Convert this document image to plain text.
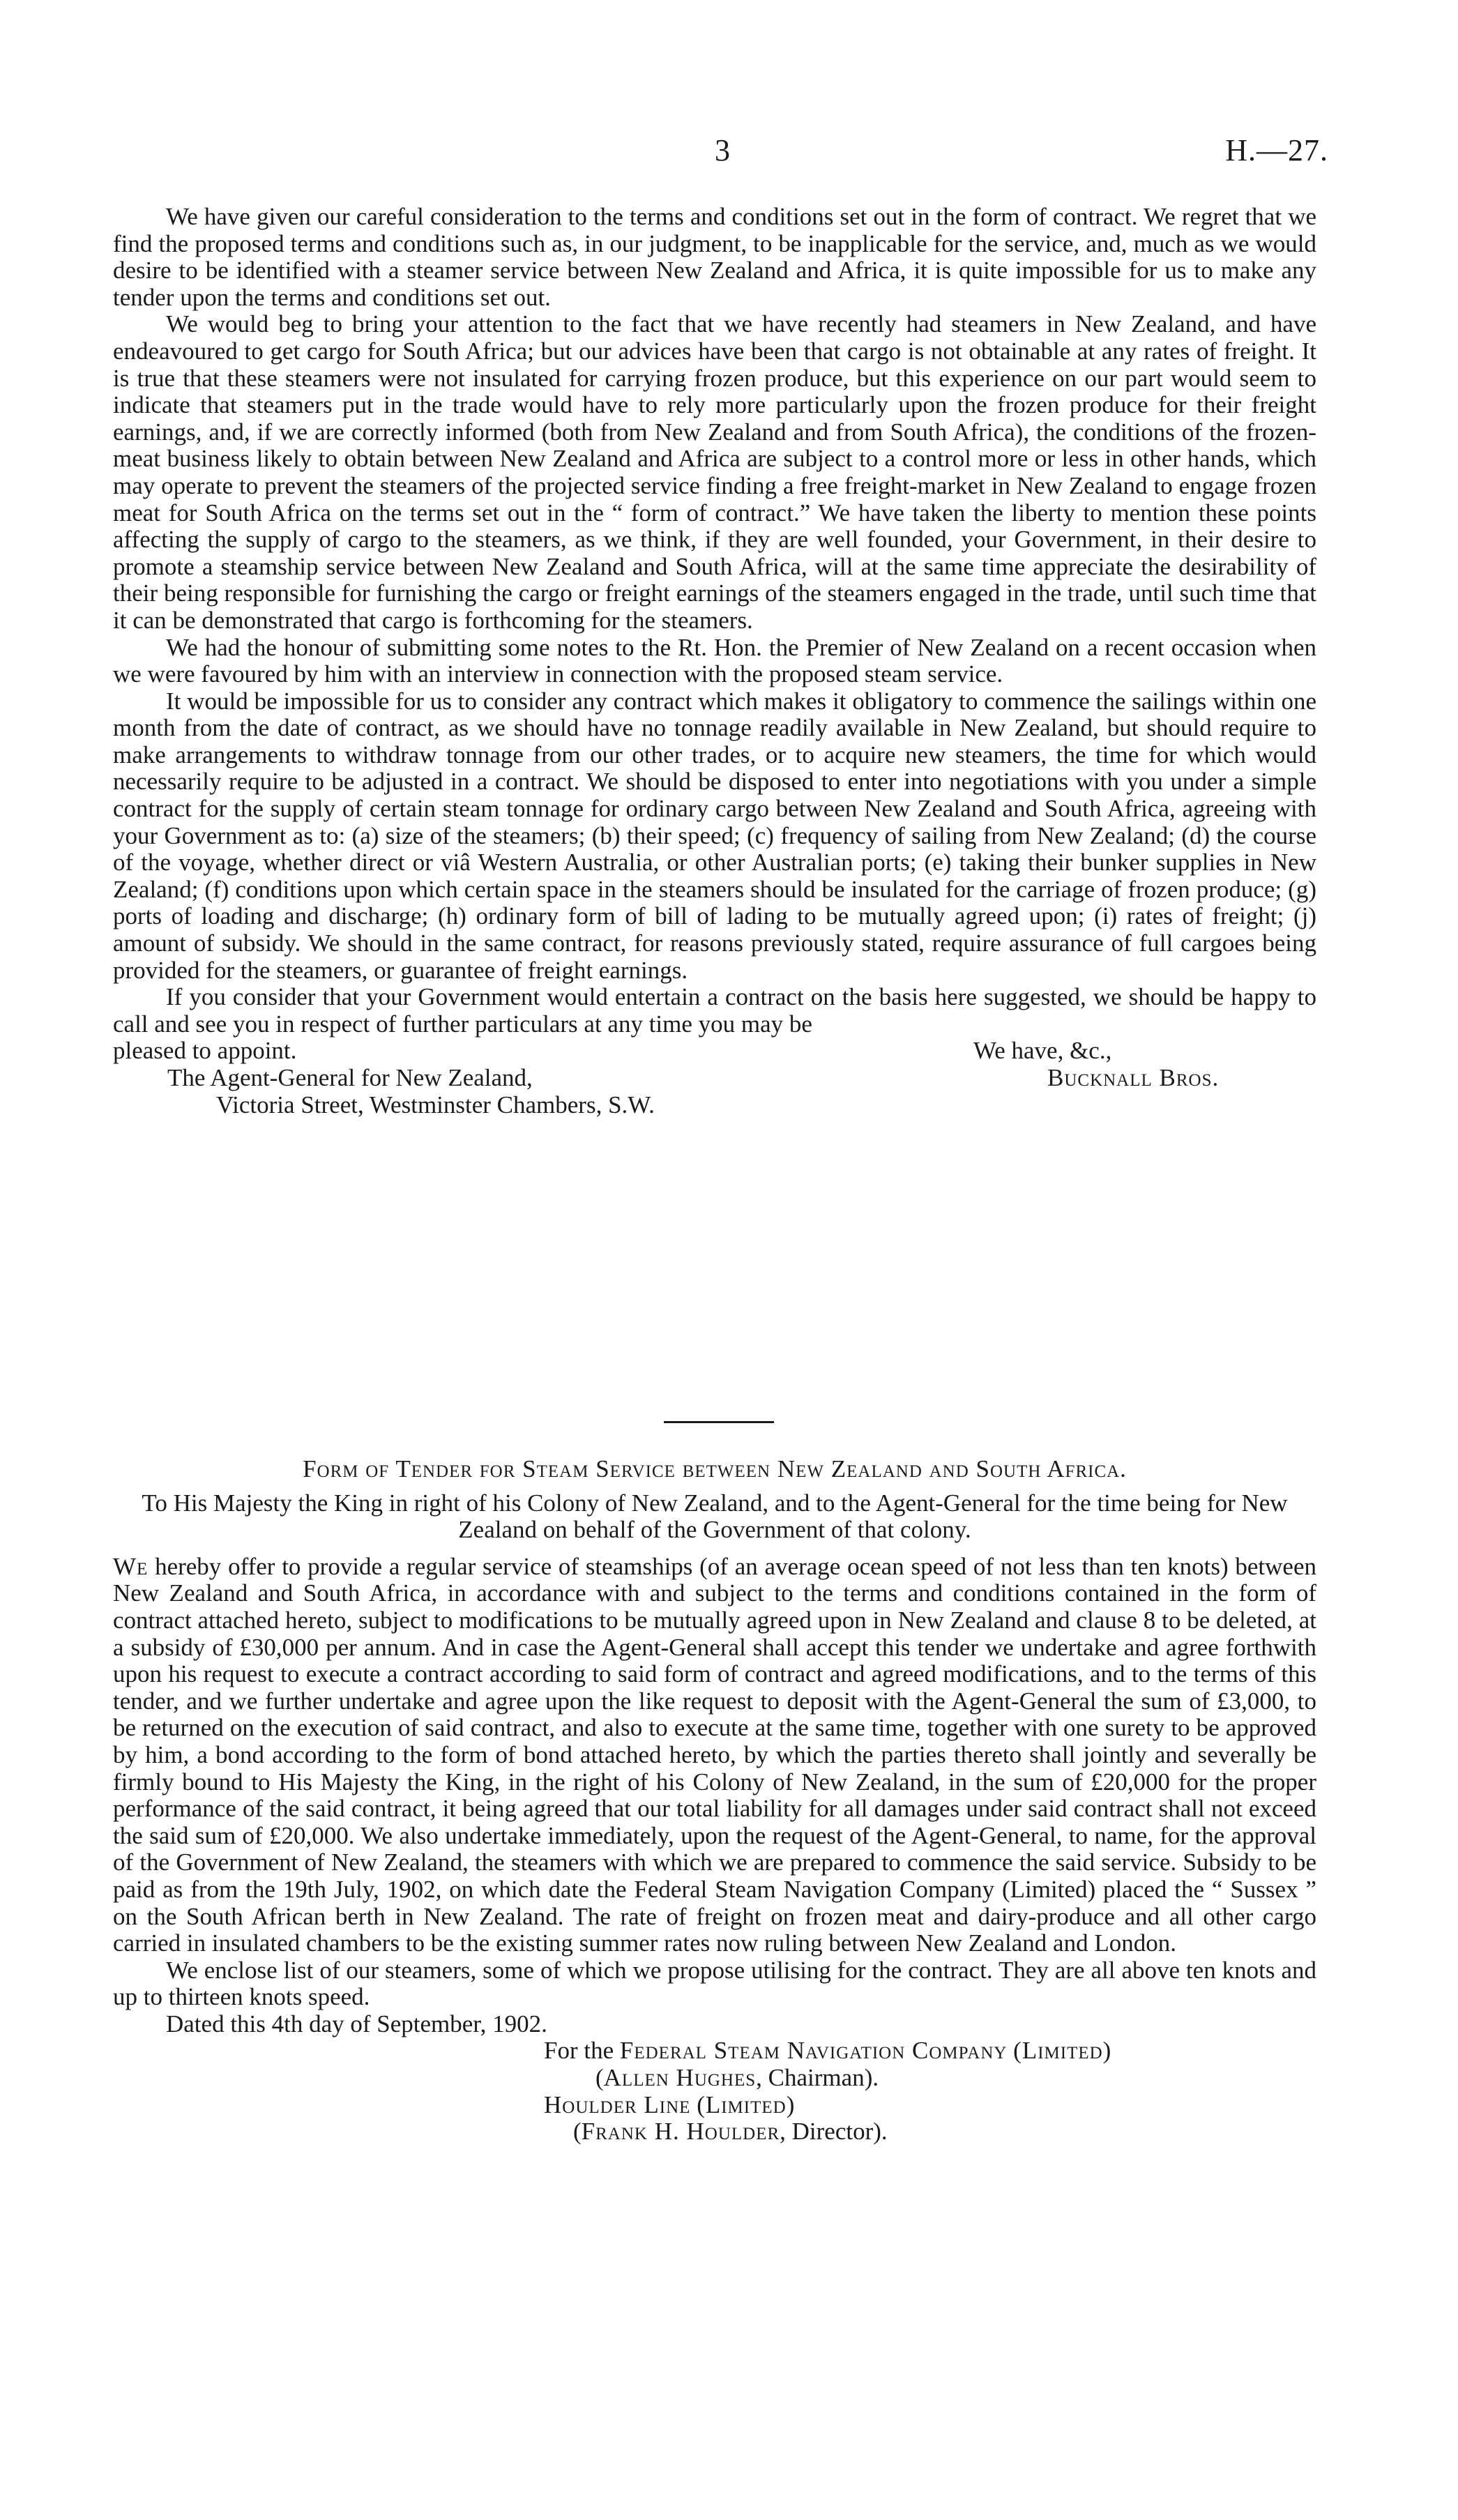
3	H.—27.

We have given our careful consideration to the terms and conditions set out in the form of contract. We regret that we find the proposed terms and conditions such as, in our judgment, to be inapplicable for the service, and, much as we would desire to be identified with a steamer service between New Zealand and Africa, it is quite impossible for us to make any tender upon the terms and conditions set out.

We would beg to bring your attention to the fact that we have recently had steamers in New Zealand, and have endeavoured to get cargo for South Africa; but our advices have been that cargo is not obtainable at any rates of freight. It is true that these steamers were not insulated for carrying frozen produce, but this experience on our part would seem to indicate that steamers put in the trade would have to rely more particularly upon the frozen produce for their freight earnings, and, if we are correctly informed (both from New Zealand and from South Africa), the conditions of the frozen-meat business likely to obtain between New Zealand and Africa are subject to a control more or less in other hands, which may operate to prevent the steamers of the projected service finding a free freight-market in New Zealand to engage frozen meat for South Africa on the terms set out in the “ form of contract.” We have taken the liberty to mention these points affecting the supply of cargo to the steamers, as we think, if they are well founded, your Government, in their desire to promote a steamship service between New Zealand and South Africa, will at the same time appreciate the desirability of their being responsible for furnishing the cargo or freight earnings of the steamers engaged in the trade, until such time that it can be demonstrated that cargo is forthcoming for the steamers.

We had the honour of submitting some notes to the Rt. Hon. the Premier of New Zealand on a recent occasion when we were favoured by him with an interview in connection with the proposed steam service.

It would be impossible for us to consider any contract which makes it obligatory to commence the sailings within one month from the date of contract, as we should have no tonnage readily available in New Zealand, but should require to make arrangements to withdraw tonnage from our other trades, or to acquire new steamers, the time for which would necessarily require to be adjusted in a contract. We should be disposed to enter into negotiations with you under a simple contract for the supply of certain steam tonnage for ordinary cargo between New Zealand and South Africa, agreeing with your Government as to: (a) size of the steamers; (b) their speed; (c) frequency of sailing from New Zealand; (d) the course of the voyage, whether direct or viâ Western Australia, or other Australian ports; (e) taking their bunker supplies in New Zealand; (f) conditions upon which certain space in the steamers should be insulated for the carriage of frozen produce; (g) ports of loading and discharge; (h) ordinary form of bill of lading to be mutually agreed upon; (i) rates of freight; (j) amount of subsidy. We should in the same contract, for reasons previously stated, require assurance of full cargoes being provided for the steamers, or guarantee of freight earnings.

If you consider that your Government would entertain a contract on the basis here suggested, we should be happy to call and see you in respect of further particulars at any time you may be

pleased to appoint.	We have, &c.,
The Agent-General for New Zealand,	Bucknall Bros.
Victoria Street, Westminster Chambers, S.W.

Form of Tender for Steam Service between New Zealand and South Africa.

To His Majesty the King in right of his Colony of New Zealand, and to the Agent-General for the time being for New Zealand on behalf of the Government of that colony.

We hereby offer to provide a regular service of steamships (of an average ocean speed of not less than ten knots) between New Zealand and South Africa, in accordance with and subject to the terms and conditions contained in the form of contract attached hereto, subject to modifications to be mutually agreed upon in New Zealand and clause 8 to be deleted, at a subsidy of £30,000 per annum. And in case the Agent-General shall accept this tender we undertake and agree forthwith upon his request to execute a contract according to said form of contract and agreed modifications, and to the terms of this tender, and we further undertake and agree upon the like request to deposit with the Agent-General the sum of £3,000, to be returned on the execution of said contract, and also to execute at the same time, together with one surety to be approved by him, a bond according to the form of bond attached hereto, by which the parties thereto shall jointly and severally be firmly bound to His Majesty the King, in the right of his Colony of New Zealand, in the sum of £20,000 for the proper performance of the said contract, it being agreed that our total liability for all damages under said contract shall not exceed the said sum of £20,000. We also undertake immediately, upon the request of the Agent-General, to name, for the approval of the Government of New Zealand, the steamers with which we are prepared to commence the said service. Subsidy to be paid as from the 19th July, 1902, on which date the Federal Steam Navigation Company (Limited) placed the “ Sussex ” on the South African berth in New Zealand. The rate of freight on frozen meat and dairy-produce and all other cargo carried in insulated chambers to be the existing summer rates now ruling between New Zealand and London.

We enclose list of our steamers, some of which we propose utilising for the contract. They are all above ten knots and up to thirteen knots speed.

Dated this 4th day of September, 1902.

For the Federal Steam Navigation Company (Limited)
(Allen Hughes, Chairman).
Houlder Line (Limited)
(Frank H. Houlder, Director).
